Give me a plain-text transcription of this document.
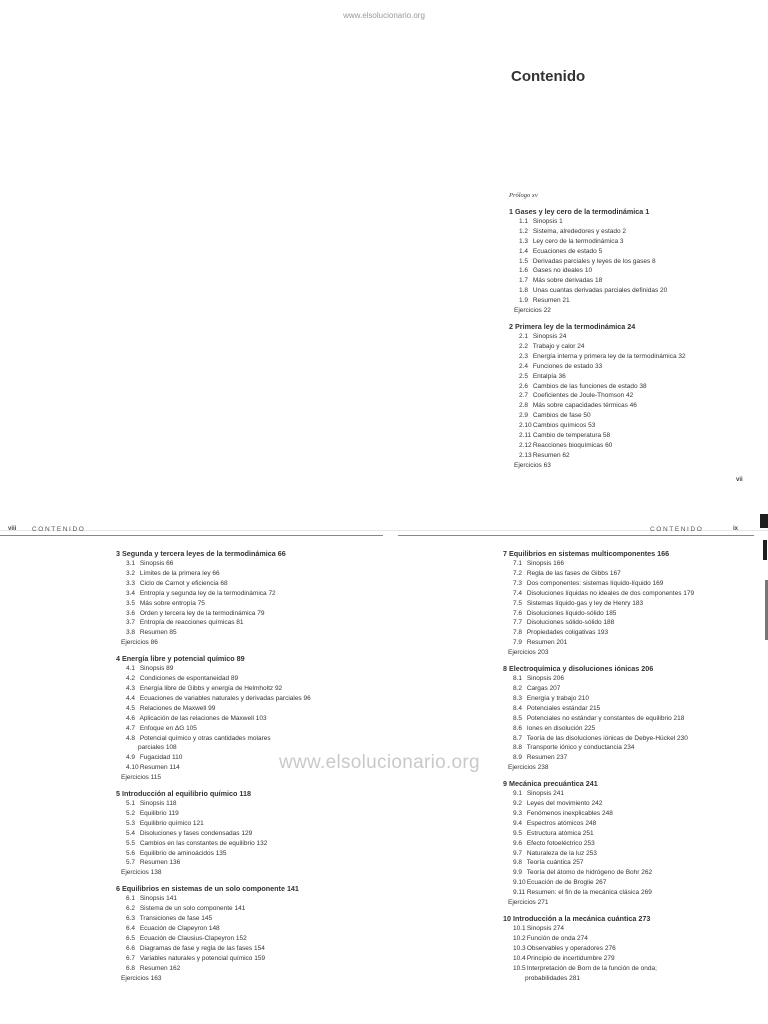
www.elsolucionario.org
Contenido
Prólogo xv
1 Gases y ley cero de la termodinámica 1
1.1 Sinopsis 1
1.2 Sistema, alrededores y estado 2
1.3 Ley cero de la termodinámica 3
1.4 Ecuaciones de estado 5
1.5 Derivadas parciales y leyes de los gases 8
1.6 Gases no ideales 10
1.7 Más sobre derivadas 18
1.8 Unas cuantas derivadas parciales definidas 20
1.9 Resumen 21
Ejercicios 22
2 Primera ley de la termodinámica 24
2.1 Sinopsis 24
2.2 Trabajo y calor 24
2.3 Energía interna y primera ley de la termodinámica 32
2.4 Funciones de estado 33
2.5 Entalpía 36
2.6 Cambios de las funciones de estado 38
2.7 Coeficientes de Joule-Thomson 42
2.8 Más sobre capacidades térmicas 46
2.9 Cambios de fase 50
2.10 Cambios químicos 53
2.11 Cambio de temperatura 58
2.12 Reacciones bioquímicas 60
2.13 Resumen 62
Ejercicios 63
vii
viii CONTENIDO	CONTENIDO	ix
3 Segunda y tercera leyes de la termodinámica 66
3.1 Sinopsis 66
3.2 Límites de la primera ley 66
3.3 Ciclo de Carnot y eficiencia 68
3.4 Entropía y segunda ley de la termodinámica 72
3.5 Más sobre entropía 75
3.6 Orden y tercera ley de la termodinámica 79
3.7 Entropía de reacciones químicas 81
3.8 Resumen 85
Ejercicios 86
4 Energía libre y potencial químico 89
4.1 Sinopsis 89
4.2 Condiciones de espontaneidad 89
4.3 Energía libre de Gibbs y energía de Helmholtz 92
4.4 Ecuaciones de variables naturales y derivadas parciales 96
4.5 Relaciones de Maxwell 99
4.6 Aplicación de las relaciones de Maxwell 103
4.7 Enfoque en ΔG 105
4.8 Potencial químico y otras cantidades molares
parciales 108
4.9 Fugacidad 110
4.10 Resumen 114
Ejercicios 115
5 Introducción al equilibrio químico 118
5.1 Sinopsis 118
5.2 Equilibrio 119
5.3 Equilibrio químico 121
5.4 Disoluciones y fases condensadas 129
5.5 Cambios en las constantes de equilibrio 132
5.6 Equilibrio de aminoácidos 135
5.7 Resumen 136
Ejercicios 138
6 Equilibrios en sistemas de un solo componente 141
6.1 Sinopsis 141
6.2 Sistema de un solo componente 141
6.3 Transiciones de fase 145
6.4 Ecuación de Clapeyron 148
6.5 Ecuación de Clausius-Clapeyron 152
6.6 Diagramas de fase y regla de las fases 154
6.7 Variables naturales y potencial químico 159
6.8 Resumen 162
Ejercicios 163
7 Equilibrios en sistemas multicomponentes 166
7.1 Sinopsis 166
7.2 Regla de las fases de Gibbs 167
7.3 Dos componentes: sistemas líquido-líquido 169
7.4 Disoluciones líquidas no ideales de dos componentes 179
7.5 Sistemas líquido-gas y ley de Henry 183
7.6 Disoluciones líquido-sólido 185
7.7 Disoluciones sólido-sólido 188
7.8 Propiedades coligativas 193
7.9 Resumen 201
Ejercicios 203
8 Electroquímica y disoluciones iónicas 206
8.1 Sinopsis 206
8.2 Cargas 207
8.3 Energía y trabajo 210
8.4 Potenciales estándar 215
8.5 Potenciales no estándar y constantes de equilibrio 218
8.6 Iones en disolución 225
8.7 Teoría de las disoluciones iónicas de Debye-Hückel 230
8.8 Transporte iónico y conductancia 234
8.9 Resumen 237
Ejercicios 238
9 Mecánica precuántica 241
9.1 Sinopsis 241
9.2 Leyes del movimiento 242
9.3 Fenómenos inexplicables 248
9.4 Espectros atómicos 248
9.5 Estructura atómica 251
9.6 Efecto fotoeléctrico 253
9.7 Naturaleza de la luz 253
9.8 Teoría cuántica 257
9.9 Teoría del átomo de hidrógeno de Bohr 262
9.10 Ecuación de de Broglie 267
9.11 Resumen: el fin de la mecánica clásica 269
Ejercicios 271
10 Introducción a la mecánica cuántica 273
10.1 Sinopsis 274
10.2 Función de onda 274
10.3 Observables y operadores 276
10.4 Principio de incertidumbre 279
10.5 Interpretación de Born de la función de onda;
probabilidades 281
www.elsolucionario.org
